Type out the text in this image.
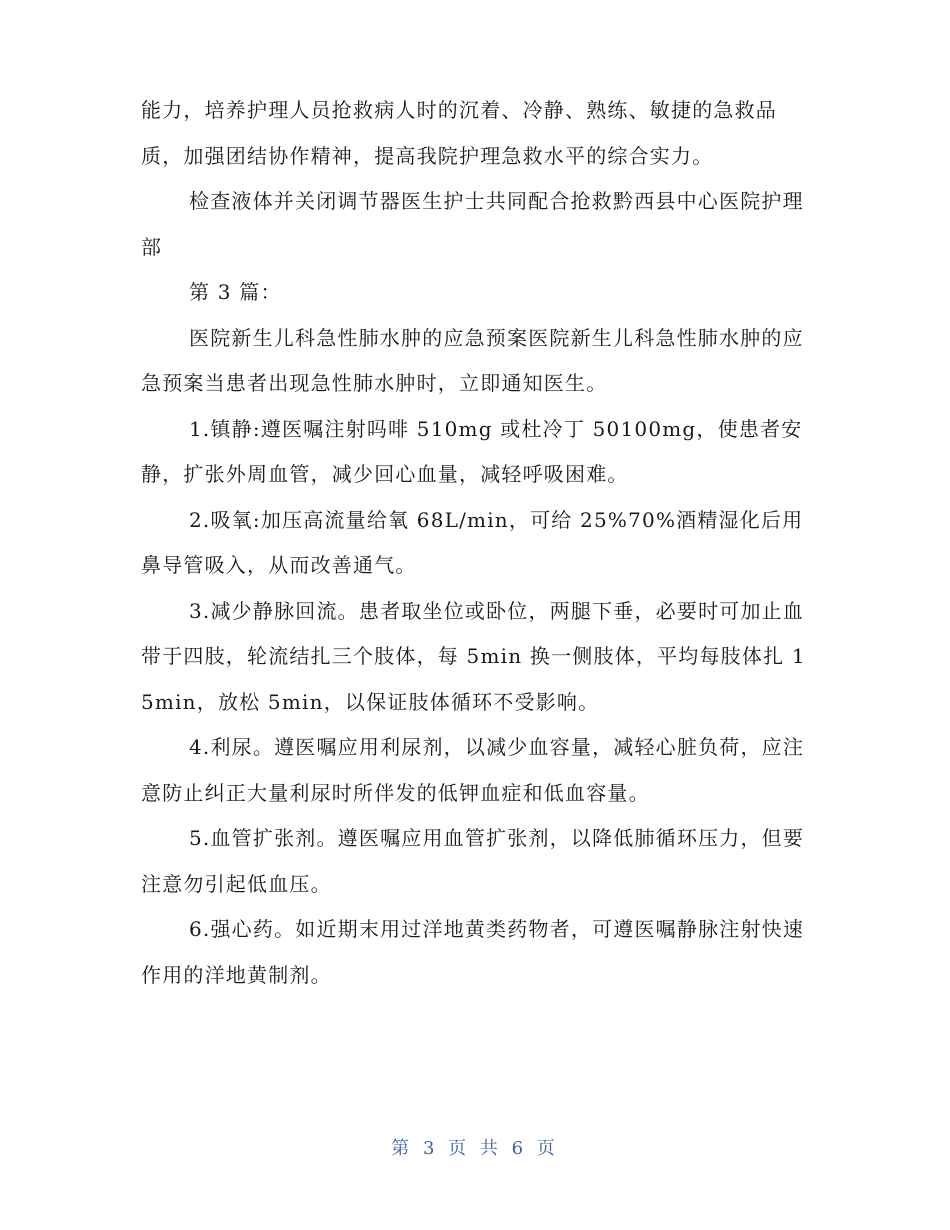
能力，培养护理人员抢救病人时的沉着、冷静、熟练、敏捷的急救品质，加强团结协作精神，提高我院护理急救水平的综合实力。

检查液体并关闭调节器医生护士共同配合抢救黔西县中心医院护理部

第 3 篇：

医院新生儿科急性肺水肿的应急预案医院新生儿科急性肺水肿的应急预案当患者出现急性肺水肿时，立即通知医生。

1.镇静:遵医嘱注射吗啡 510mg 或杜冷丁 50100mg，使患者安静，扩张外周血管，减少回心血量，减轻呼吸困难。

2.吸氧:加压高流量给氧 68L/min，可给 25%70%酒精湿化后用鼻导管吸入，从而改善通气。

3.减少静脉回流。患者取坐位或卧位，两腿下垂，必要时可加止血带于四肢，轮流结扎三个肢体，每 5min 换一侧肢体，平均每肢体扎 15min，放松 5min，以保证肢体循环不受影响。

4.利尿。遵医嘱应用利尿剂，以减少血容量，减轻心脏负荷，应注意防止纠正大量利尿时所伴发的低钾血症和低血容量。

5.血管扩张剂。遵医嘱应用血管扩张剂，以降低肺循环压力，但要注意勿引起低血压。

6.强心药。如近期末用过洋地黄类药物者，可遵医嘱静脉注射快速作用的洋地黄制剂。

第 3 页 共 6 页
